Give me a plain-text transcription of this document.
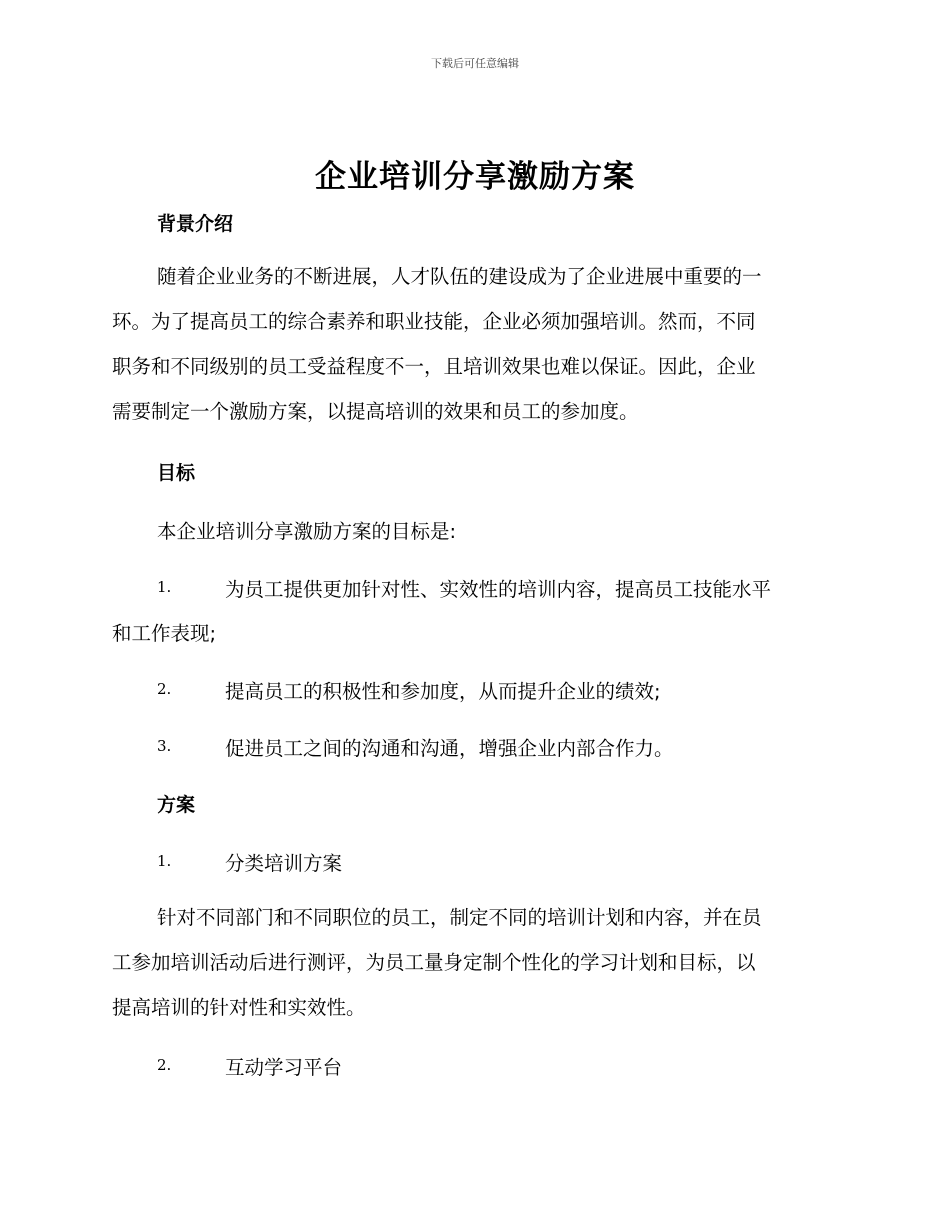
下载后可任意编辑
企业培训分享激励方案
背景介绍
随着企业业务的不断进展，人才队伍的建设成为了企业进展中重要的一
环。为了提高员工的综合素养和职业技能，企业必须加强培训。然而，不同
职务和不同级别的员工受益程度不一，且培训效果也难以保证。因此，企业
需要制定一个激励方案，以提高培训的效果和员工的参加度。
目标
本企业培训分享激励方案的目标是:
1.	为员工提供更加针对性、实效性的培训内容，提高员工技能水平
和工作表现;
2.	提高员工的积极性和参加度，从而提升企业的绩效;
3.	促进员工之间的沟通和沟通，增强企业内部合作力。
方案
1.	分类培训方案
针对不同部门和不同职位的员工，制定不同的培训计划和内容，并在员
工参加培训活动后进行测评，为员工量身定制个性化的学习计划和目标，以
提高培训的针对性和实效性。
2.	互动学习平台
